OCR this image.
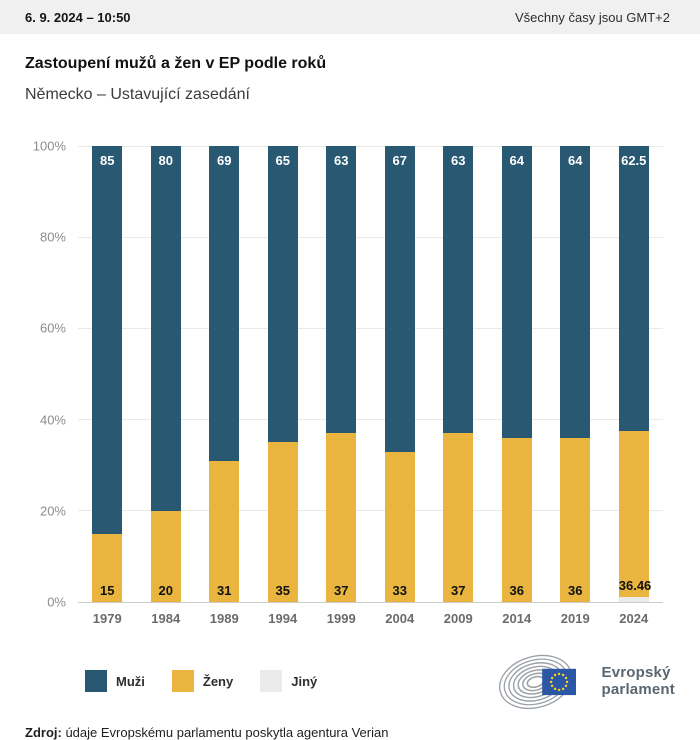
6. 9. 2024 – 10:50	Všechny časy jsou GMT+2
Zastoupení mužů a žen v EP podle roků
Německo – Ustavující zasedání
85
15
80
20
69
31
65
35
63
37
67
33
63
37
64
36
64
36
62.5
36.46
100%
80%
60%
40%
20%
0%
1979	1984	1989	1994	1999	2004	2009	2014	2019	2024
Muži	Ženy	Jiný	Evropský
parlament
Zdroj: údaje Evropskému parlamentu poskytla agentura Verian
